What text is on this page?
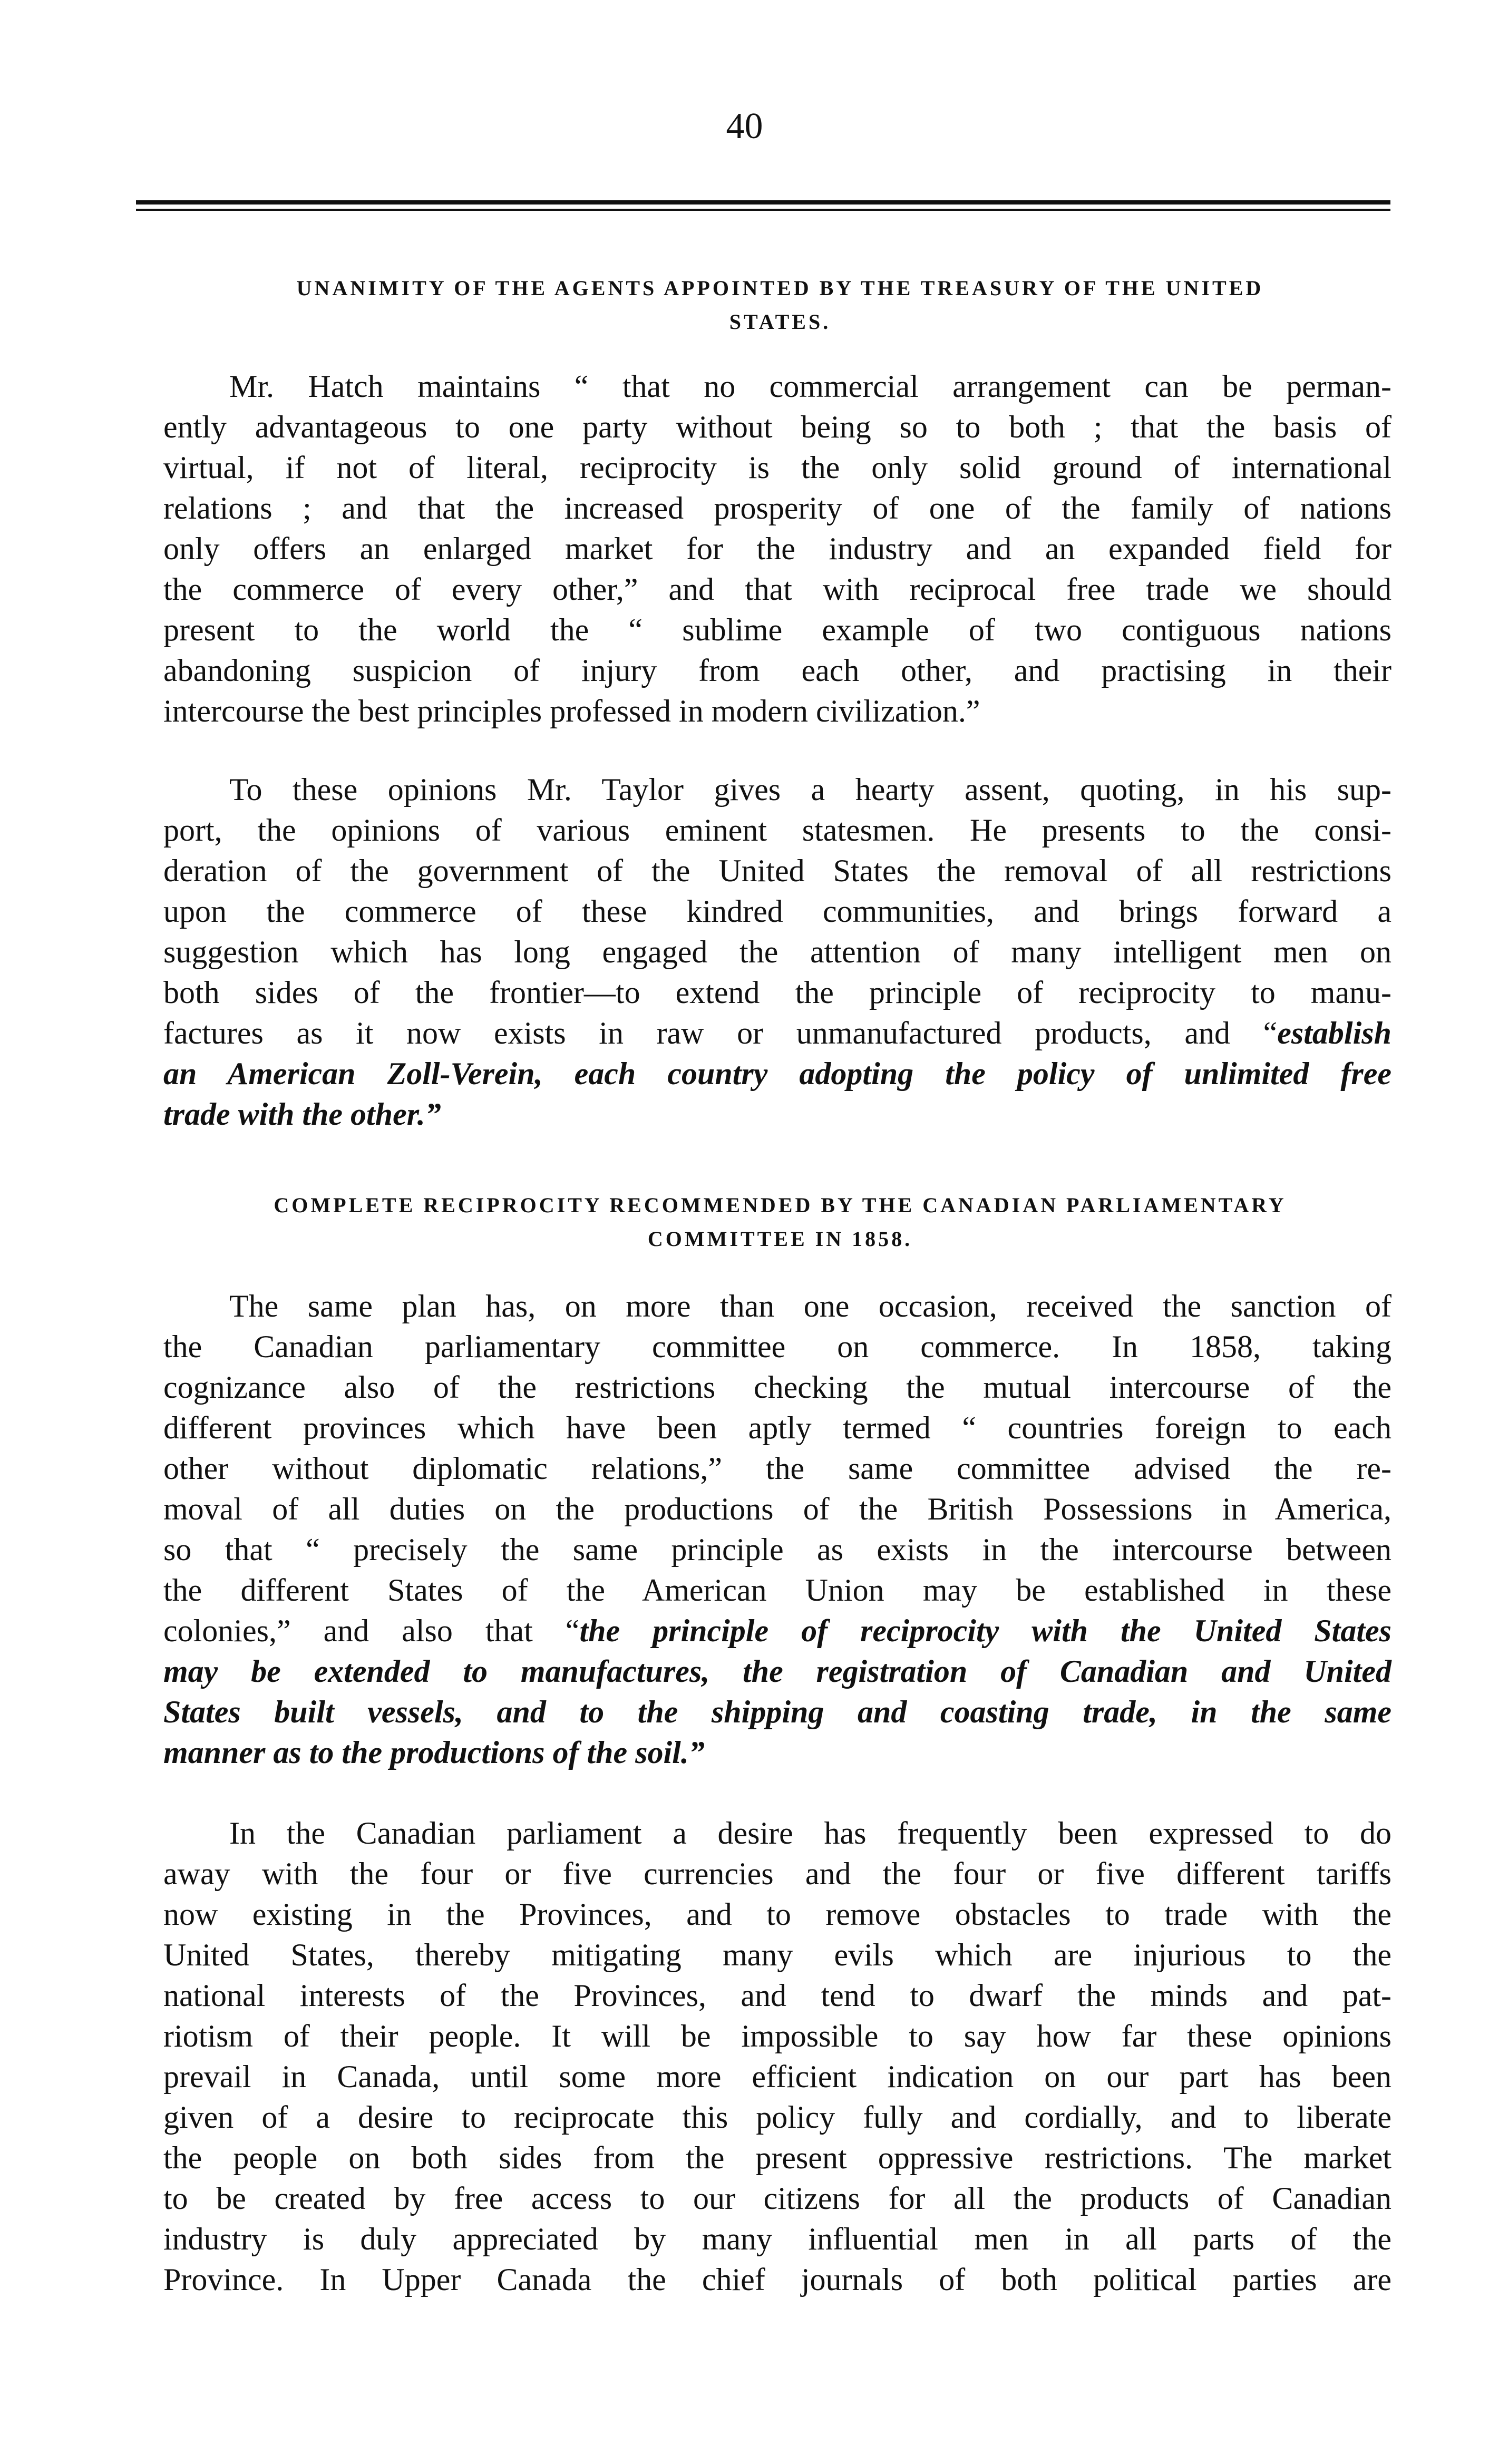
40
UNANIMITY OF THE AGENTS APPOINTED BY THE TREASURY OF THE UNITED
STATES.

Mr. Hatch maintains “ that no commercial arrangement can be perman-
ently advantageous to one party without being so to both ; that the basis of
virtual, if not of literal, reciprocity is the only solid ground of international
relations ; and that the increased prosperity of one of the family of nations
only offers an enlarged market for the industry and an expanded field for
the commerce of every other,” and that with reciprocal free trade we should
present to the world the “ sublime example of two contiguous nations
abandoning suspicion of injury from each other, and practising in their
intercourse the best principles professed in modern civilization.”

To these opinions Mr. Taylor gives a hearty assent, quoting, in his sup-
port, the opinions of various eminent statesmen. He presents to the consi-
deration of the government of the United States the removal of all restrictions
upon the commerce of these kindred communities, and brings forward a
suggestion which has long engaged the attention of many intelligent men on
both sides of the frontier—to extend the principle of reciprocity to manu-
factures as it now exists in raw or unmanufactured products, and “establish
an American Zoll-Verein, each country adopting the policy of unlimited free
trade with the other.”

COMPLETE RECIPROCITY RECOMMENDED BY THE CANADIAN PARLIAMENTARY
COMMITTEE IN 1858.

The same plan has, on more than one occasion, received the sanction of
the Canadian parliamentary committee on commerce. In 1858, taking
cognizance also of the restrictions checking the mutual intercourse of the
different provinces which have been aptly termed “ countries foreign to each
other without diplomatic relations,” the same committee advised the re-
moval of all duties on the productions of the British Possessions in America,
so that “ precisely the same principle as exists in the intercourse between
the different States of the American Union may be established in these
colonies,” and also that “the principle of reciprocity with the United States
may be extended to manufactures, the registration of Canadian and United
States built vessels, and to the shipping and coasting trade, in the same
manner as to the productions of the soil.”

In the Canadian parliament a desire has frequently been expressed to do
away with the four or five currencies and the four or five different tariffs
now existing in the Provinces, and to remove obstacles to trade with the
United States, thereby mitigating many evils which are injurious to the
national interests of the Provinces, and tend to dwarf the minds and pat-
riotism of their people. It will be impossible to say how far these opinions
prevail in Canada, until some more efficient indication on our part has been
given of a desire to reciprocate this policy fully and cordially, and to liberate
the people on both sides from the present oppressive restrictions. The market
to be created by free access to our citizens for all the products of Canadian
industry is duly appreciated by many influential men in all parts of the
Province. In Upper Canada the chief journals of both political parties are
